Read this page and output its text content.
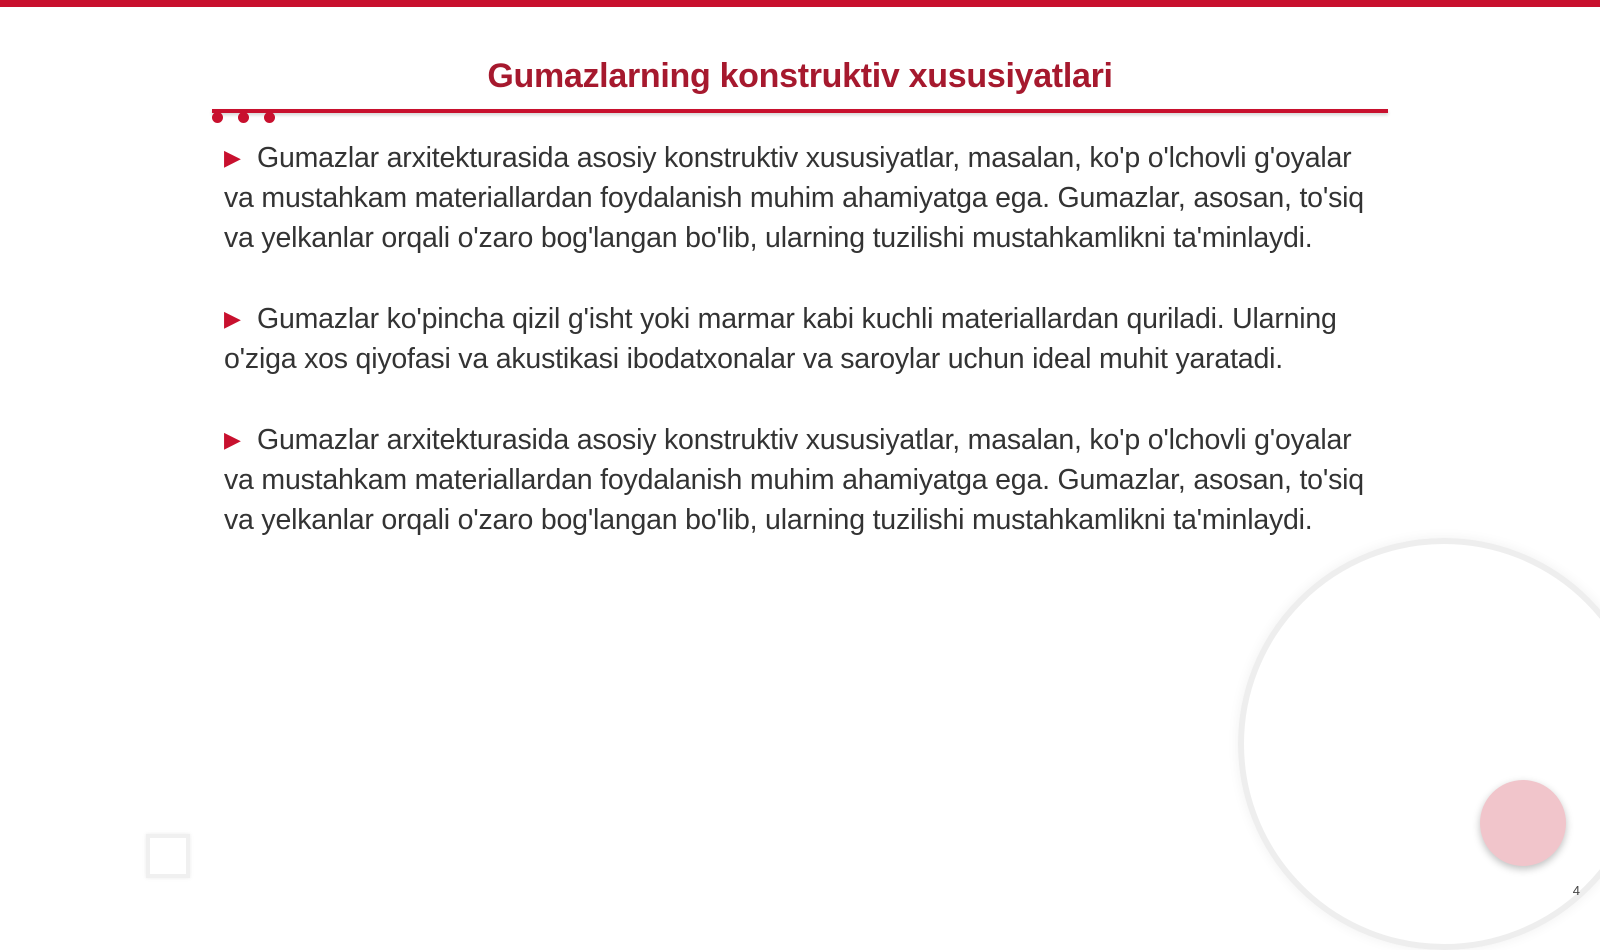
Gumazlarning konstruktiv xususiyatlari

▶ Gumazlar arxitekturasida asosiy konstruktiv xususiyatlar, masalan, ko'p o'lchovli g'oyalar va mustahkam materiallardan foydalanish muhim ahamiyatga ega. Gumazlar, asosan, to'siq va yelkanlar orqali o'zaro bog'langan bo'lib, ularning tuzilishi mustahkamlikni ta'minlaydi.

▶ Gumazlar ko'pincha qizil g'isht yoki marmar kabi kuchli materiallardan quriladi. Ularning o'ziga xos qiyofasi va akustikasi ibodatxonalar va saroylar uchun ideal muhit yaratadi.

▶ Gumazlar arxitekturasida asosiy konstruktiv xususiyatlar, masalan, ko'p o'lchovli g'oyalar va mustahkam materiallardan foydalanish muhim ahamiyatga ega. Gumazlar, asosan, to'siq va yelkanlar orqali o'zaro bog'langan bo'lib, ularning tuzilishi mustahkamlikni ta'minlaydi.

4
